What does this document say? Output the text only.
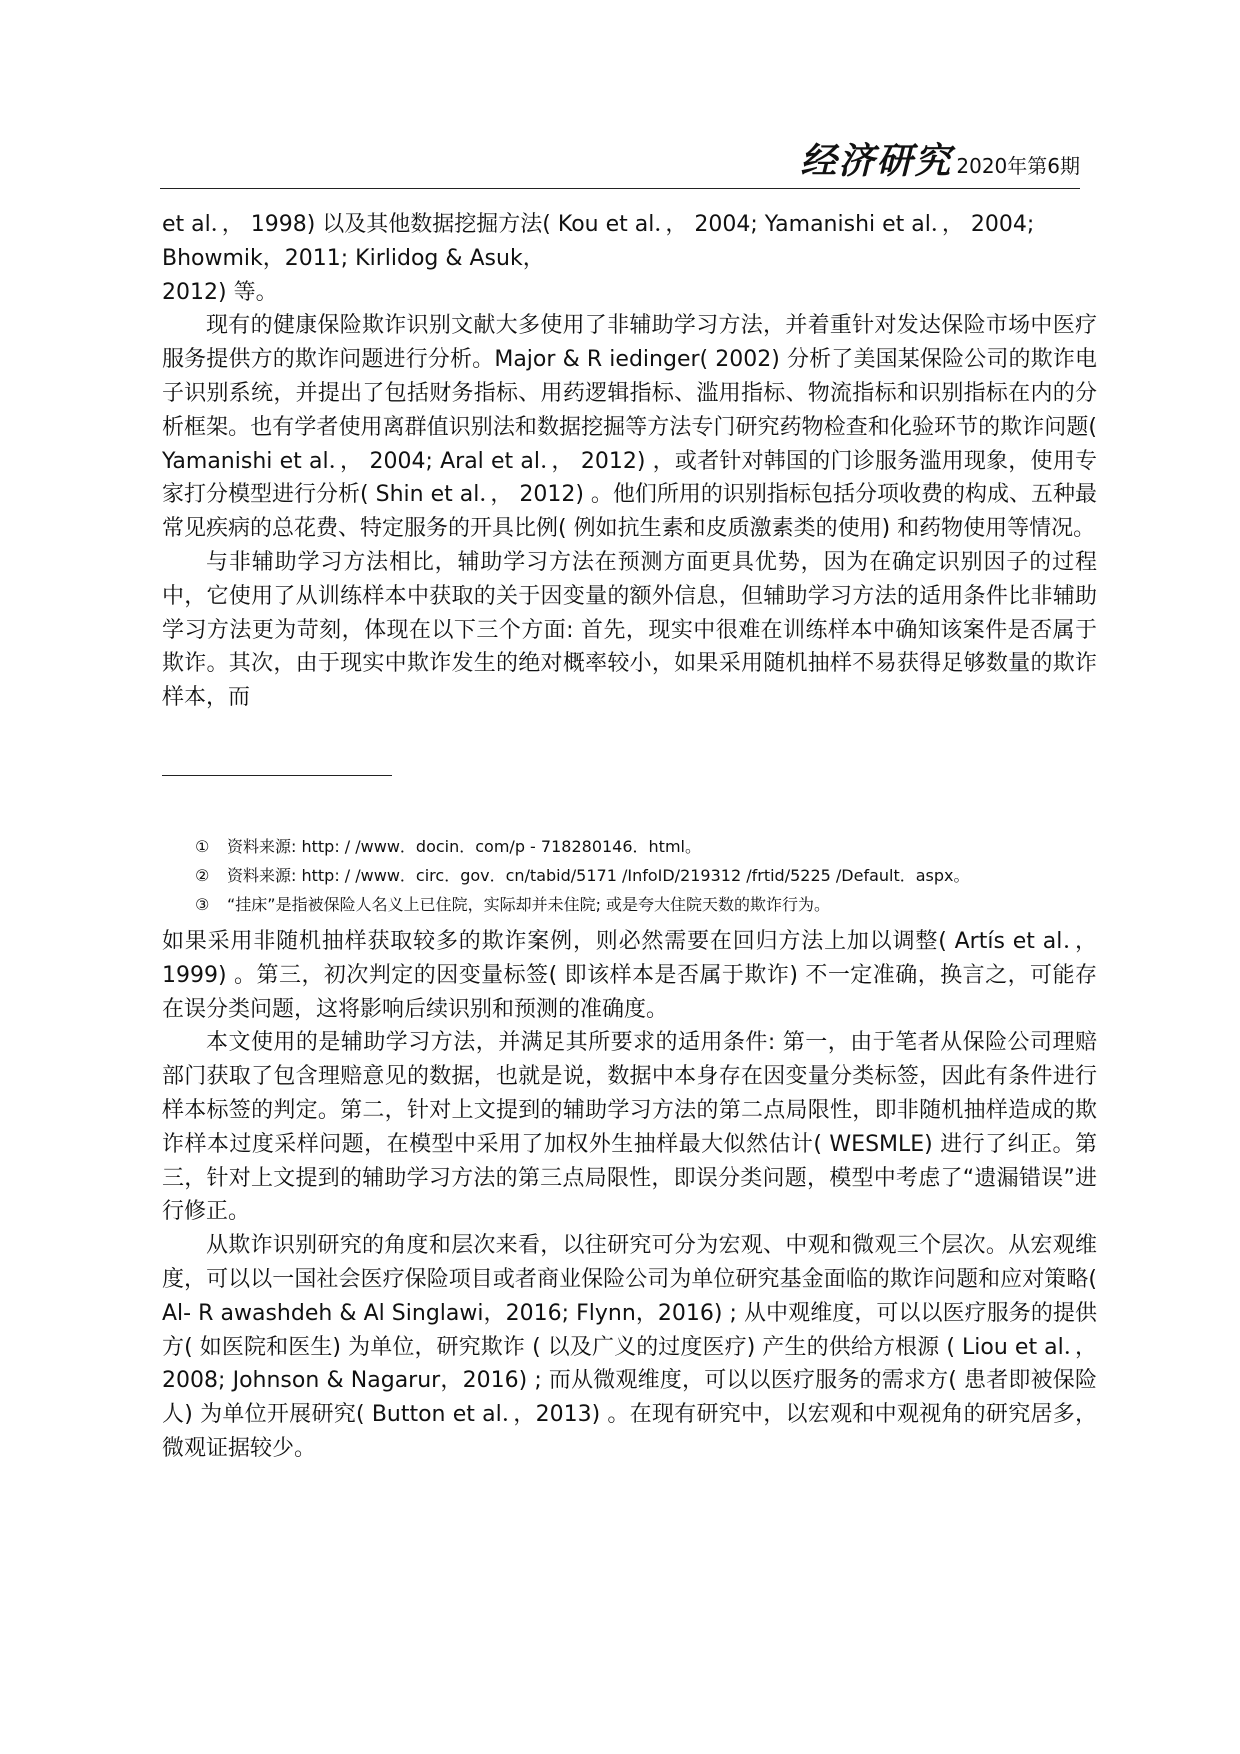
经济研究 2020年第6期

et al．， 1998) 以及其他数据挖掘方法( Kou et al．， 2004; Yamanishi et al．， 2004;

Bhowmik，2011; Kirlidog & Asuk，

2012) 等。

现有的健康保险欺诈识别文献大多使用了非辅助学习方法，并着重针对发达保险市场中医疗服务提供方的欺诈问题进行分析。Major & R iedinger( 2002) 分析了美国某保险公司的欺诈电子识别系统，并提出了包括财务指标、用药逻辑指标、滥用指标、物流指标和识别指标在内的分析框架。也有学者使用离群值识别法和数据挖掘等方法专门研究药物检查和化验环节的欺诈问题( Yamanishi et al．， 2004; Aral et al．， 2012) ，或者针对韩国的门诊服务滥用现象，使用专家打分模型进行分析( Shin et al．， 2012) 。他们所用的识别指标包括分项收费的构成、五种最常见疾病的总花费、特定服务的开具比例( 例如抗生素和皮质激素类的使用) 和药物使用等情况。

与非辅助学习方法相比，辅助学习方法在预测方面更具优势，因为在确定识别因子的过程中，它使用了从训练样本中获取的关于因变量的额外信息，但辅助学习方法的适用条件比非辅助学习方法更为苛刻，体现在以下三个方面: 首先，现实中很难在训练样本中确知该案件是否属于欺诈。其次，由于现实中欺诈发生的绝对概率较小，如果采用随机抽样不易获得足够数量的欺诈样本，而

① 资料来源: http: / /www．docin．com/p - 718280146．html。
② 资料来源: http: / /www．circ．gov．cn/tabid/5171 /InfoID/219312 /frtid/5225 /Default．aspx。
③ “挂床”是指被保险人名义上已住院，实际却并未住院; 或是夸大住院天数的欺诈行为。

如果采用非随机抽样获取较多的欺诈案例，则必然需要在回归方法上加以调整( Artís et al．，1999) 。第三，初次判定的因变量标签( 即该样本是否属于欺诈) 不一定准确，换言之，可能存在误分类问题，这将影响后续识别和预测的准确度。

本文使用的是辅助学习方法，并满足其所要求的适用条件: 第一，由于笔者从保险公司理赔部门获取了包含理赔意见的数据，也就是说，数据中本身存在因变量分类标签，因此有条件进行样本标签的判定。第二，针对上文提到的辅助学习方法的第二点局限性，即非随机抽样造成的欺诈样本过度采样问题，在模型中采用了加权外生抽样最大似然估计( WESMLE) 进行了纠正。第三，针对上文提到的辅助学习方法的第三点局限性，即误分类问题，模型中考虑了“遗漏错误”进行修正。

从欺诈识别研究的角度和层次来看，以往研究可分为宏观、中观和微观三个层次。从宏观维度，可以以一国社会医疗保险项目或者商业保险公司为单位研究基金面临的欺诈问题和应对策略( Al- R awashdeh & Al Singlawi，2016; Flynn，2016) ; 从中观维度，可以以医疗服务的提供方( 如医院和医生) 为单位，研究欺诈 ( 以及广义的过度医疗) 产生的供给方根源 ( Liou et al．，2008; Johnson & Nagarur，2016) ; 而从微观维度，可以以医疗服务的需求方( 患者即被保险人) 为单位开展研究( Button et al．，2013) 。在现有研究中，以宏观和中观视角的研究居多，微观证据较少。
